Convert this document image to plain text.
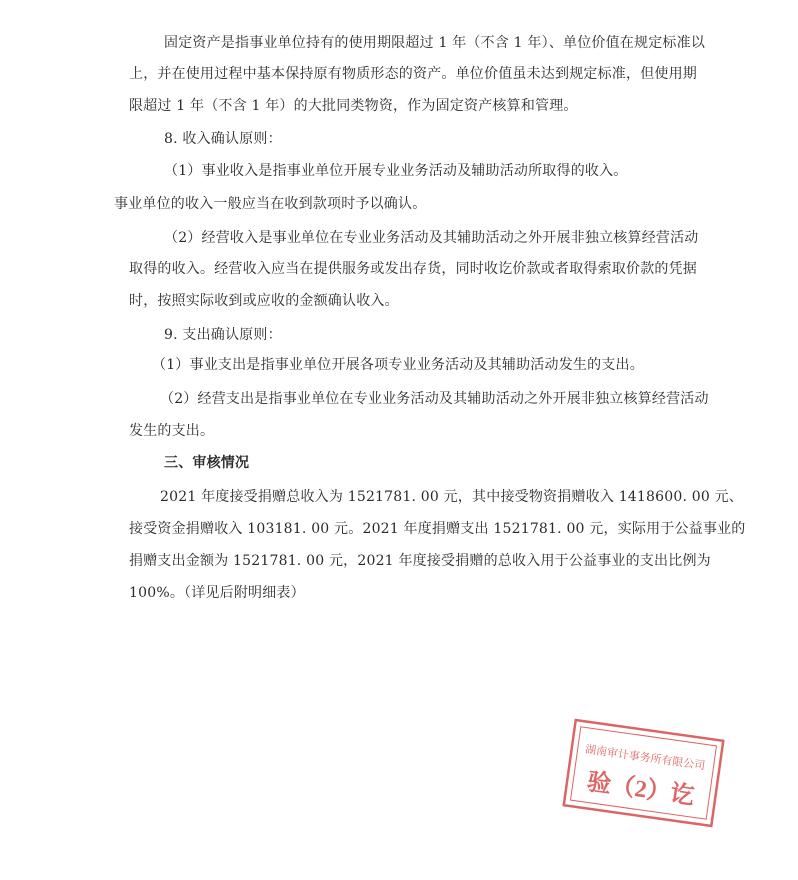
固定资产是指事业单位持有的使用期限超过 1 年（不含 1 年）、单位价值在规定标准以
上，并在使用过程中基本保持原有物质形态的资产。单位价值虽未达到规定标准，但使用期
限超过 1 年（不含 1 年）的大批同类物资，作为固定资产核算和管理。
8. 收入确认原则：
（1）事业收入是指事业单位开展专业业务活动及辅助活动所取得的收入。
事业单位的收入一般应当在收到款项时予以确认。
（2）经营收入是事业单位在专业业务活动及其辅助活动之外开展非独立核算经营活动
取得的收入。经营收入应当在提供服务或发出存货，同时收讫价款或者取得索取价款的凭据
时，按照实际收到或应收的金额确认收入。
9. 支出确认原则：
（1）事业支出是指事业单位开展各项专业业务活动及其辅助活动发生的支出。
（2）经营支出是指事业单位在专业业务活动及其辅助活动之外开展非独立核算经营活动
发生的支出。
三、审核情况
2021 年度接受捐赠总收入为 1521781. 00 元，其中接受物资捐赠收入 1418600. 00 元、
接受资金捐赠收入 103181. 00 元。2021 年度捐赠支出 1521781. 00 元，实际用于公益事业的
捐赠支出金额为 1521781. 00 元，2021 年度接受捐赠的总收入用于公益事业的支出比例为
100%。（详见后附明细表）
湖南审计事务所有限公司
验（2）讫
